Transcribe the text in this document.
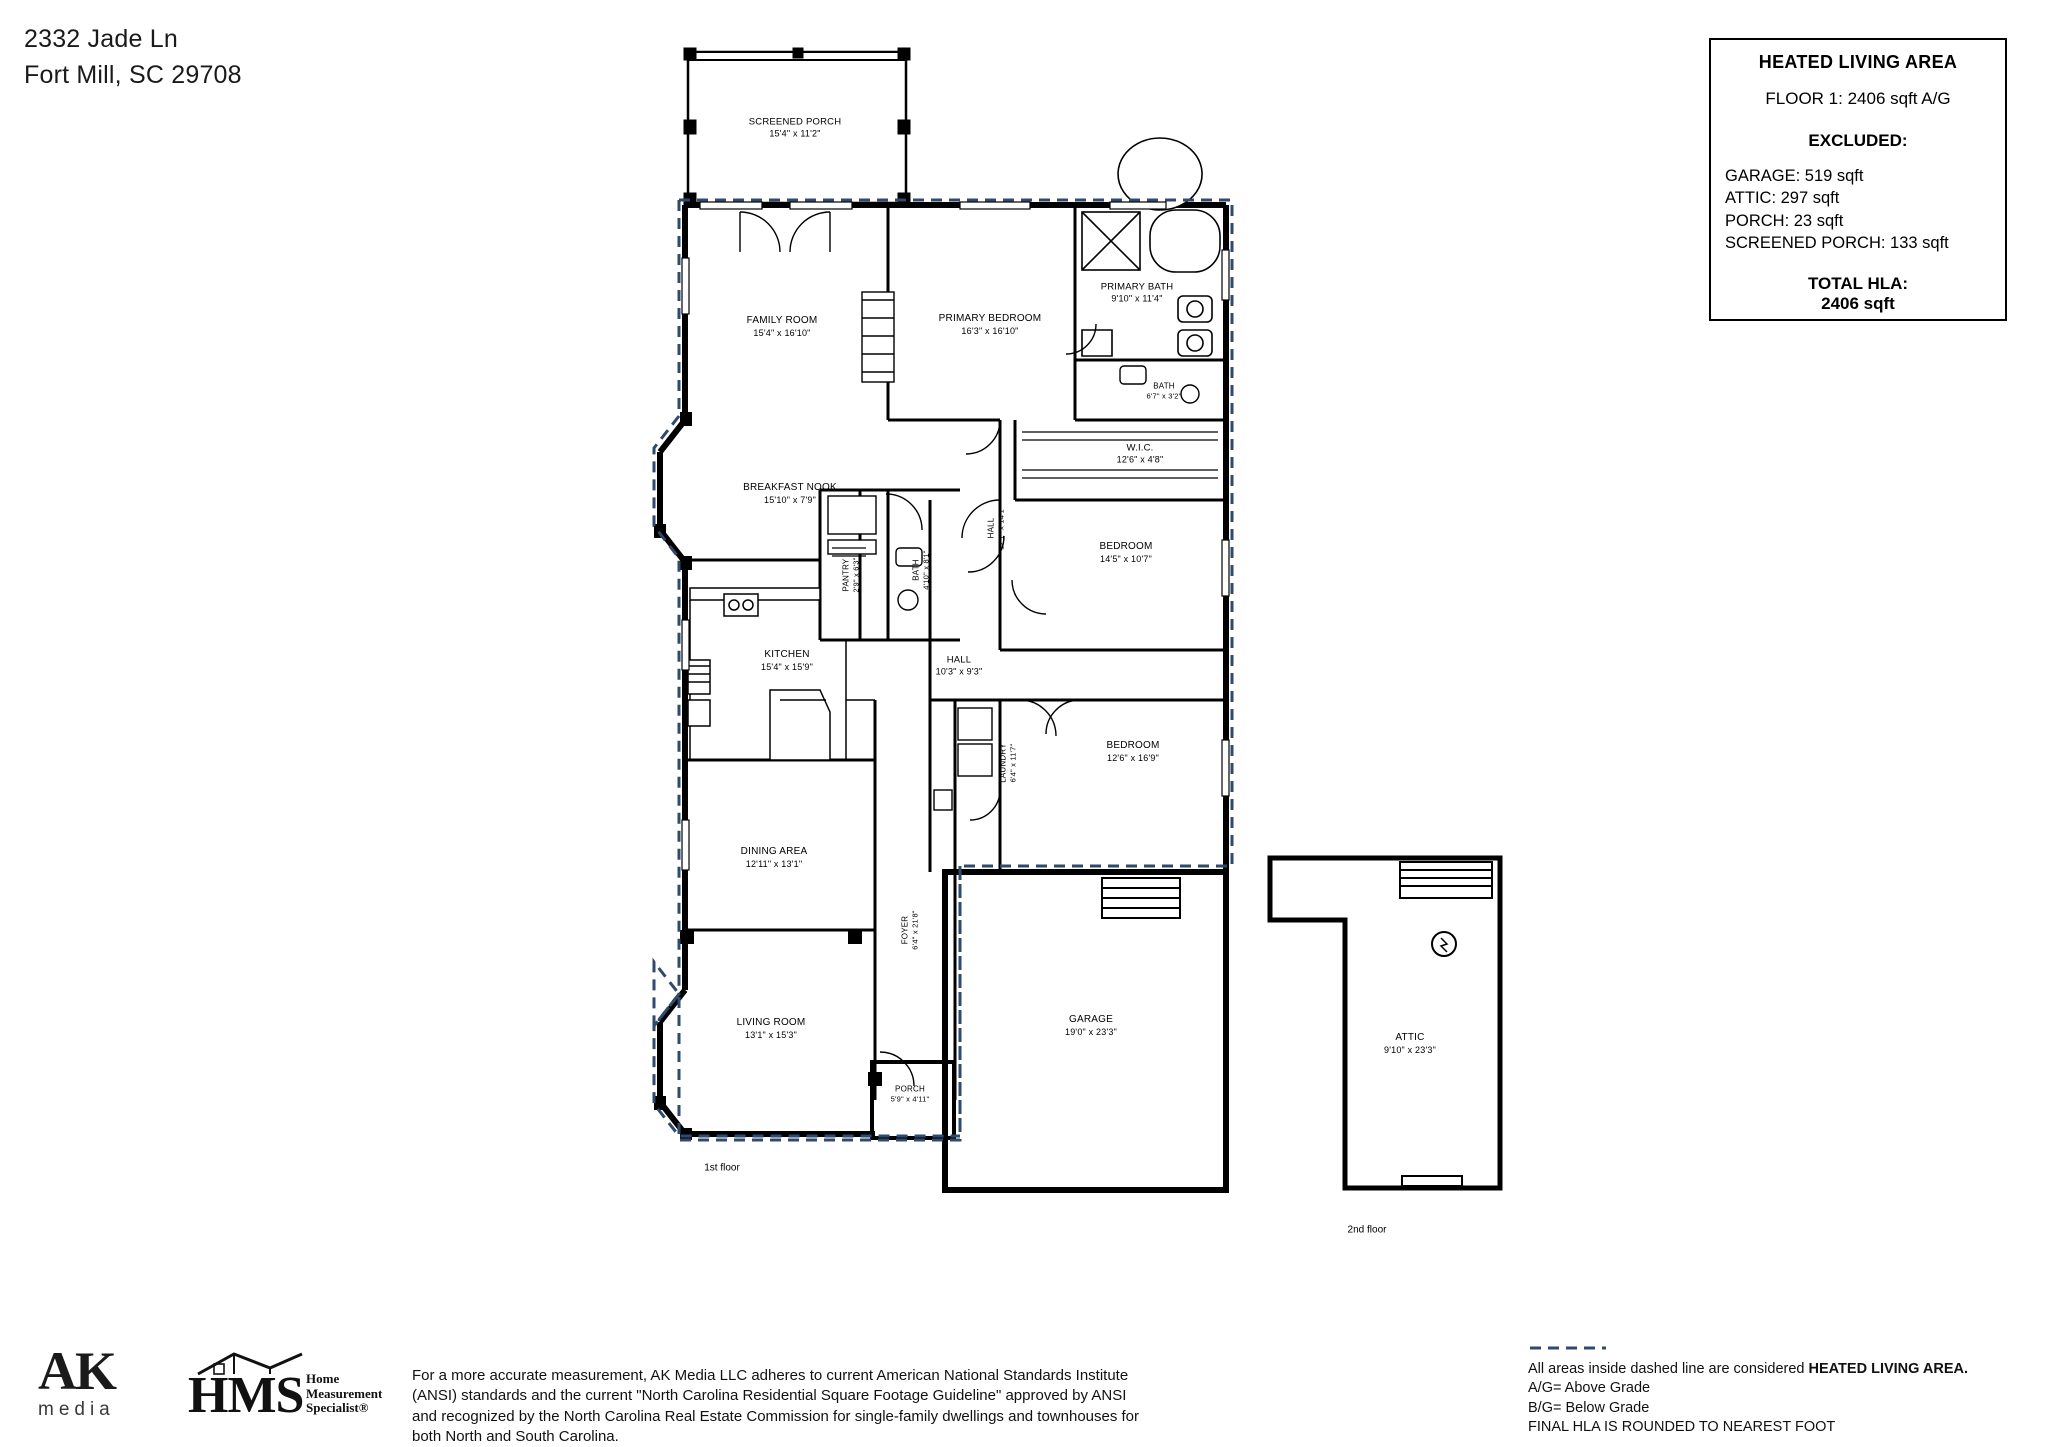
2332 Jade Ln
Fort Mill, SC 29708	HEATED LIVING AREA
FLOOR 1: 2406 sqft A/G
EXCLUDED:
GARAGE: 519 sqft
ATTIC: 297 sqft
PORCH: 23 sqft
SCREENED PORCH: 133 sqft
TOTAL HLA:
2406 sqft
SCREENED PORCH
15'4" x 11'2"
FAMILY ROOM
15'4" x 16'10"
PRIMARY BEDROOM
16'3" x 16'10"
PRIMARY BATH
9'10" x 11'4"
BATH
6'7" x 3'2"
W.I.C.
12'6" x 4'8"
BREAKFAST NOOK
15'10" x 7'9"
BEDROOM
14'5" x 10'7"
PANTRY 2'9" x 6'3"	BATH 4'10" x 8'1"
HALL 12'1" x 14'1"
KITCHEN
15'4" x 15'9"
HALL
10'3" x 9'3"
BEDROOM
12'6" x 16'9"
LAUNDRY 6'4" x 11'7"
DINING AREA
12'11" x 13'1"
FOYER 6'4" x 21'8"
GARAGE
19'0" x 23'3"
LIVING ROOM
13'1" x 15'3"
PORCH
5'9" x 4'11"
ATTIC
9'10" x 23'3"
1st floor
2nd floor
AK
media	HMS Home
Measurement
Specialist®
For a more accurate measurement, AK Media LLC adheres to current American National Standards Institute (ANSI) standards and the current "North Carolina Residential Square Footage Guideline" approved by ANSI and recognized by the North Carolina Real Estate Commission for single-family dwellings and townhouses for both North and South Carolina.
All areas inside dashed line are considered HEATED LIVING AREA.
A/G= Above Grade
B/G= Below Grade
FINAL HLA IS ROUNDED TO NEAREST FOOT
